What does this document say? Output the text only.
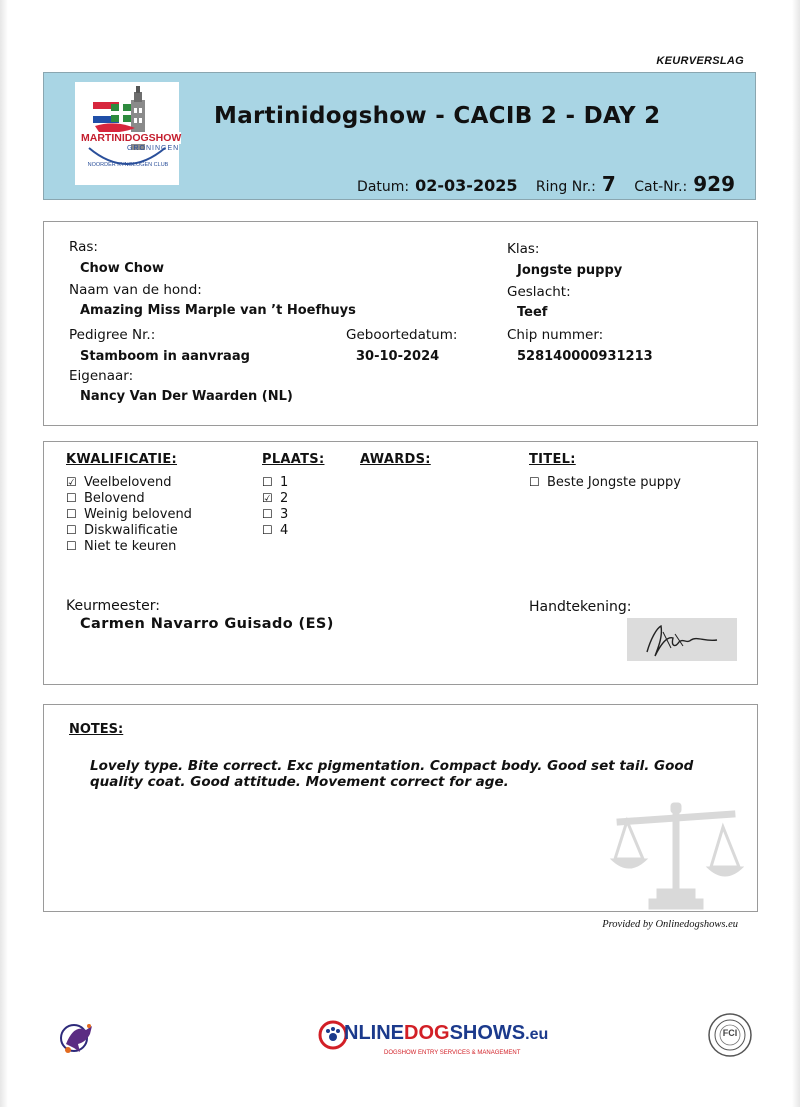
KEURVERSLAG
MARTINIDOGSHOW
GRONINGEN
NOORDER KYNOLOGEN CLUB
Martinidogshow - CACIB 2 - DAY 2
Datum: 02-03-2025 Ring Nr.: 7 Cat-Nr.: 929
Ras:
Chow Chow
Naam van de hond:
Amazing Miss Marple van ’t Hoefhuys
Pedigree Nr.:
Stamboom in aanvraag
Eigenaar:
Nancy Van Der Waarden (NL)
Geboortedatum:
30-10-2024
Klas:
Jongste puppy
Geslacht:
Teef
Chip nummer:
528140000931213
KWALIFICATIE:
☑ Veelbelovend
☐ Belovend
☐ Weinig belovend
☐ Diskwalificatie
☐ Niet te keuren
PLAATS:
☐ 1
☑ 2
☐ 3
☐ 4
AWARDS:	TITEL:
☐ Beste Jongste puppy
Keurmeester:
Carmen Navarro Guisado (ES)
Handtekening:
NOTES:
Lovely type. Bite correct. Exc pigmentation. Compact body. Good set tail. Good quality coat. Good attitude. Movement correct for age.
Provided by Onlinedogshows.eu
NLINEDOGSHOWS.eu
DOGSHOW ENTRY SERVICES & MANAGEMENT
FCI
